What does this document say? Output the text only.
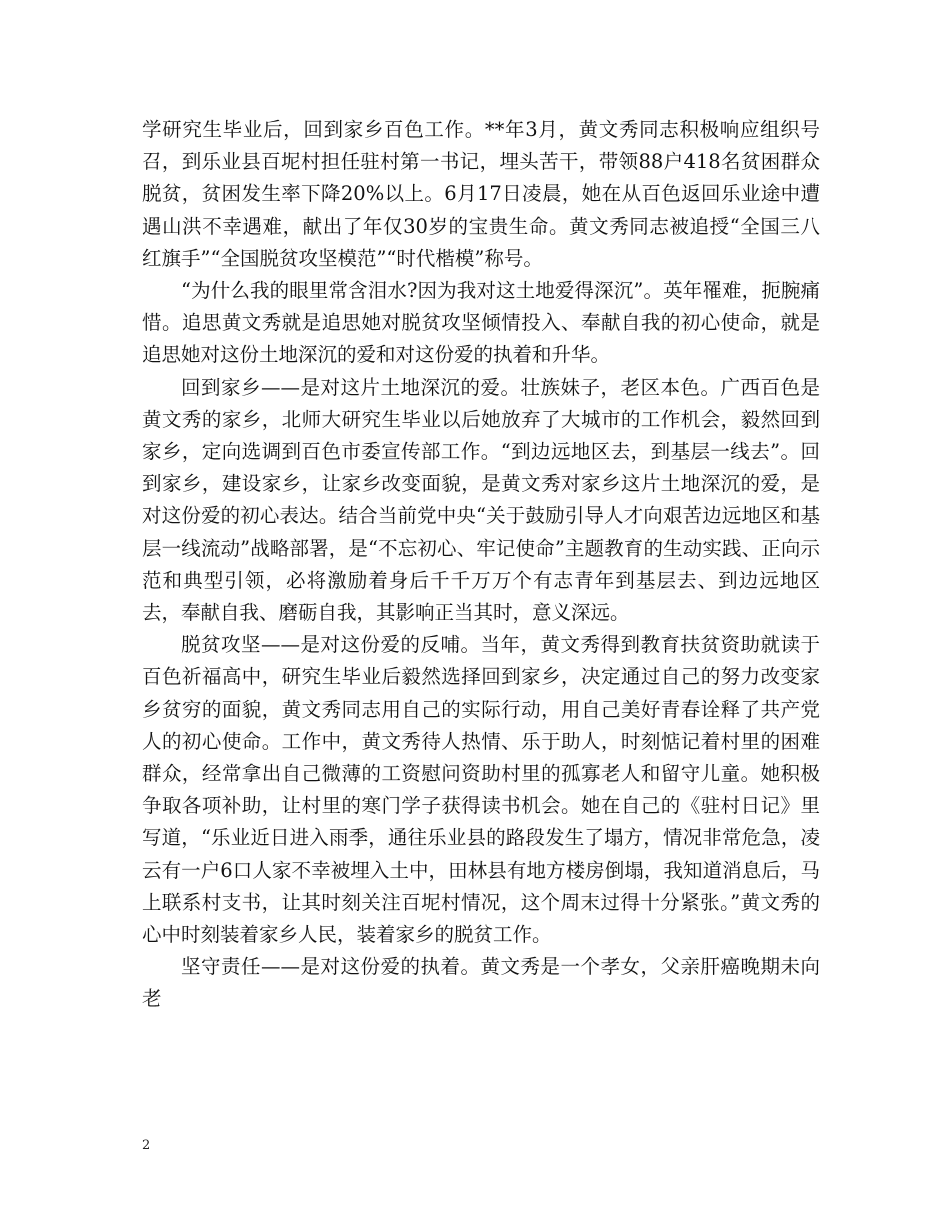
学研究生毕业后，回到家乡百色工作。**年3月，黄文秀同志积极响应组织号召，到乐业县百坭村担任驻村第一书记，埋头苦干，带领88户418名贫困群众脱贫，贫困发生率下降20%以上。6月17日凌晨，她在从百色返回乐业途中遭遇山洪不幸遇难，献出了年仅30岁的宝贵生命。黄文秀同志被追授“全国三八红旗手”“全国脱贫攻坚模范”“时代楷模”称号。

“为什么我的眼里常含泪水?因为我对这土地爱得深沉”。英年罹难，扼腕痛惜。追思黄文秀就是追思她对脱贫攻坚倾情投入、奉献自我的初心使命，就是追思她对这份土地深沉的爱和对这份爱的执着和升华。

回到家乡——是对这片土地深沉的爱。壮族妹子，老区本色。广西百色是黄文秀的家乡，北师大研究生毕业以后她放弃了大城市的工作机会，毅然回到家乡，定向选调到百色市委宣传部工作。“到边远地区去，到基层一线去”。回到家乡，建设家乡，让家乡改变面貌，是黄文秀对家乡这片土地深沉的爱，是对这份爱的初心表达。结合当前党中央“关于鼓励引导人才向艰苦边远地区和基层一线流动”战略部署，是“不忘初心、牢记使命”主题教育的生动实践、正向示范和典型引领，必将激励着身后千千万万个有志青年到基层去、到边远地区去，奉献自我、磨砺自我，其影响正当其时，意义深远。

脱贫攻坚——是对这份爱的反哺。当年，黄文秀得到教育扶贫资助就读于百色祈福高中，研究生毕业后毅然选择回到家乡，决定通过自己的努力改变家乡贫穷的面貌，黄文秀同志用自己的实际行动，用自己美好青春诠释了共产党人的初心使命。工作中，黄文秀待人热情、乐于助人，时刻惦记着村里的困难群众，经常拿出自己微薄的工资慰问资助村里的孤寡老人和留守儿童。她积极争取各项补助，让村里的寒门学子获得读书机会。她在自己的《驻村日记》里写道，“乐业近日进入雨季，通往乐业县的路段发生了塌方，情况非常危急，凌云有一户6口人家不幸被埋入土中，田林县有地方楼房倒塌，我知道消息后，马上联系村支书，让其时刻关注百坭村情况，这个周末过得十分紧张。”黄文秀的心中时刻装着家乡人民，装着家乡的脱贫工作。

坚守责任——是对这份爱的执着。黄文秀是一个孝女，父亲肝癌晚期未向老

2
